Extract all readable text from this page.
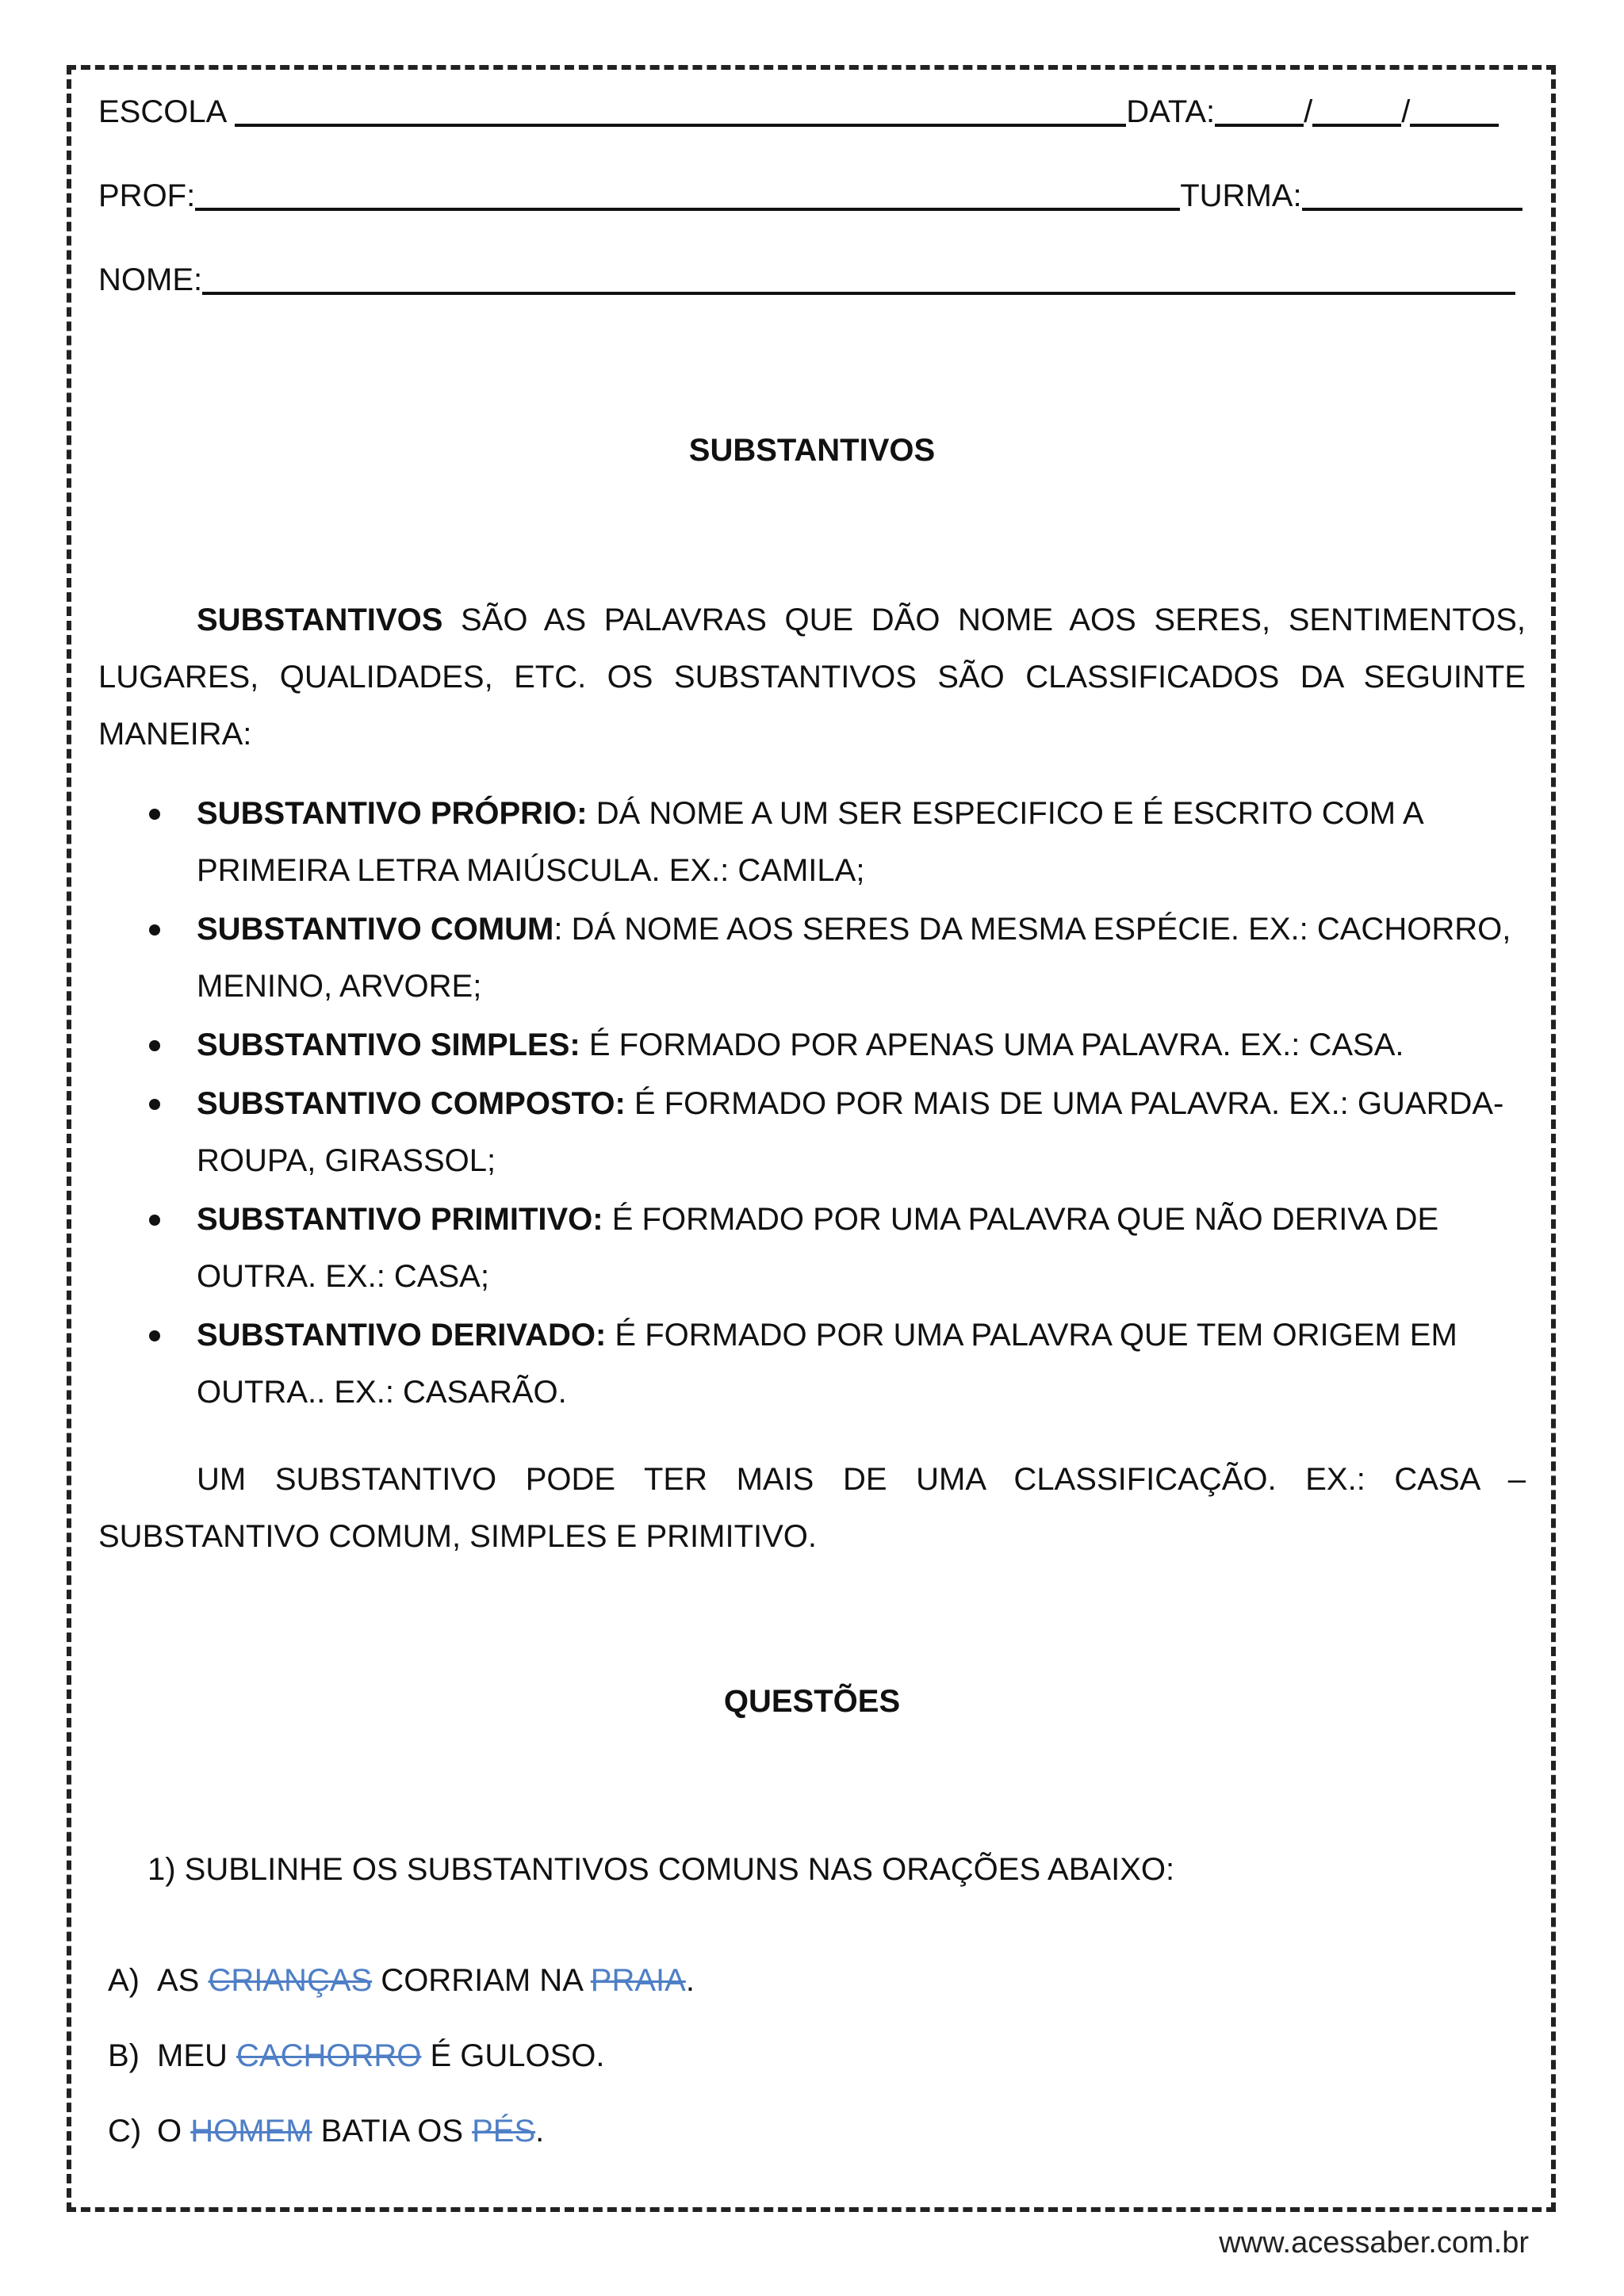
ESCOLA	DATA:	/	/
PROF:	TURMA:
NOME:
SUBSTANTIVOS
SUBSTANTIVOS SÃO AS PALAVRAS QUE DÃO NOME AOS SERES, SENTIMENTOS, LUGARES, QUALIDADES, ETC. OS SUBSTANTIVOS SÃO CLASSIFICADOS DA SEGUINTE MANEIRA:
SUBSTANTIVO PRÓPRIO: DÁ NOME A UM SER ESPECIFICO E É ESCRITO COM A PRIMEIRA LETRA MAIÚSCULA. EX.: CAMILA;
SUBSTANTIVO COMUM: DÁ NOME AOS SERES DA MESMA ESPÉCIE. EX.: CACHORRO, MENINO, ARVORE;
SUBSTANTIVO SIMPLES: É FORMADO POR APENAS UMA PALAVRA. EX.: CASA.
SUBSTANTIVO COMPOSTO: É FORMADO POR MAIS DE UMA PALAVRA. EX.: GUARDA-ROUPA, GIRASSOL;
SUBSTANTIVO PRIMITIVO: É FORMADO POR UMA PALAVRA QUE NÃO DERIVA DE OUTRA. EX.: CASA;
SUBSTANTIVO DERIVADO: É FORMADO POR UMA PALAVRA QUE TEM ORIGEM EM OUTRA.. EX.: CASARÃO.
UM SUBSTANTIVO PODE TER MAIS DE UMA CLASSIFICAÇÃO. EX.: CASA – SUBSTANTIVO COMUM, SIMPLES E PRIMITIVO.
QUESTÕES
1) SUBLINHE OS SUBSTANTIVOS COMUNS NAS ORAÇÕES ABAIXO:
A) AS CRIANÇAS CORRIAM NA PRAIA.
B) MEU CACHORRO É GULOSO.
C) O HOMEM BATIA OS PÉS.
www.acessaber.com.br
